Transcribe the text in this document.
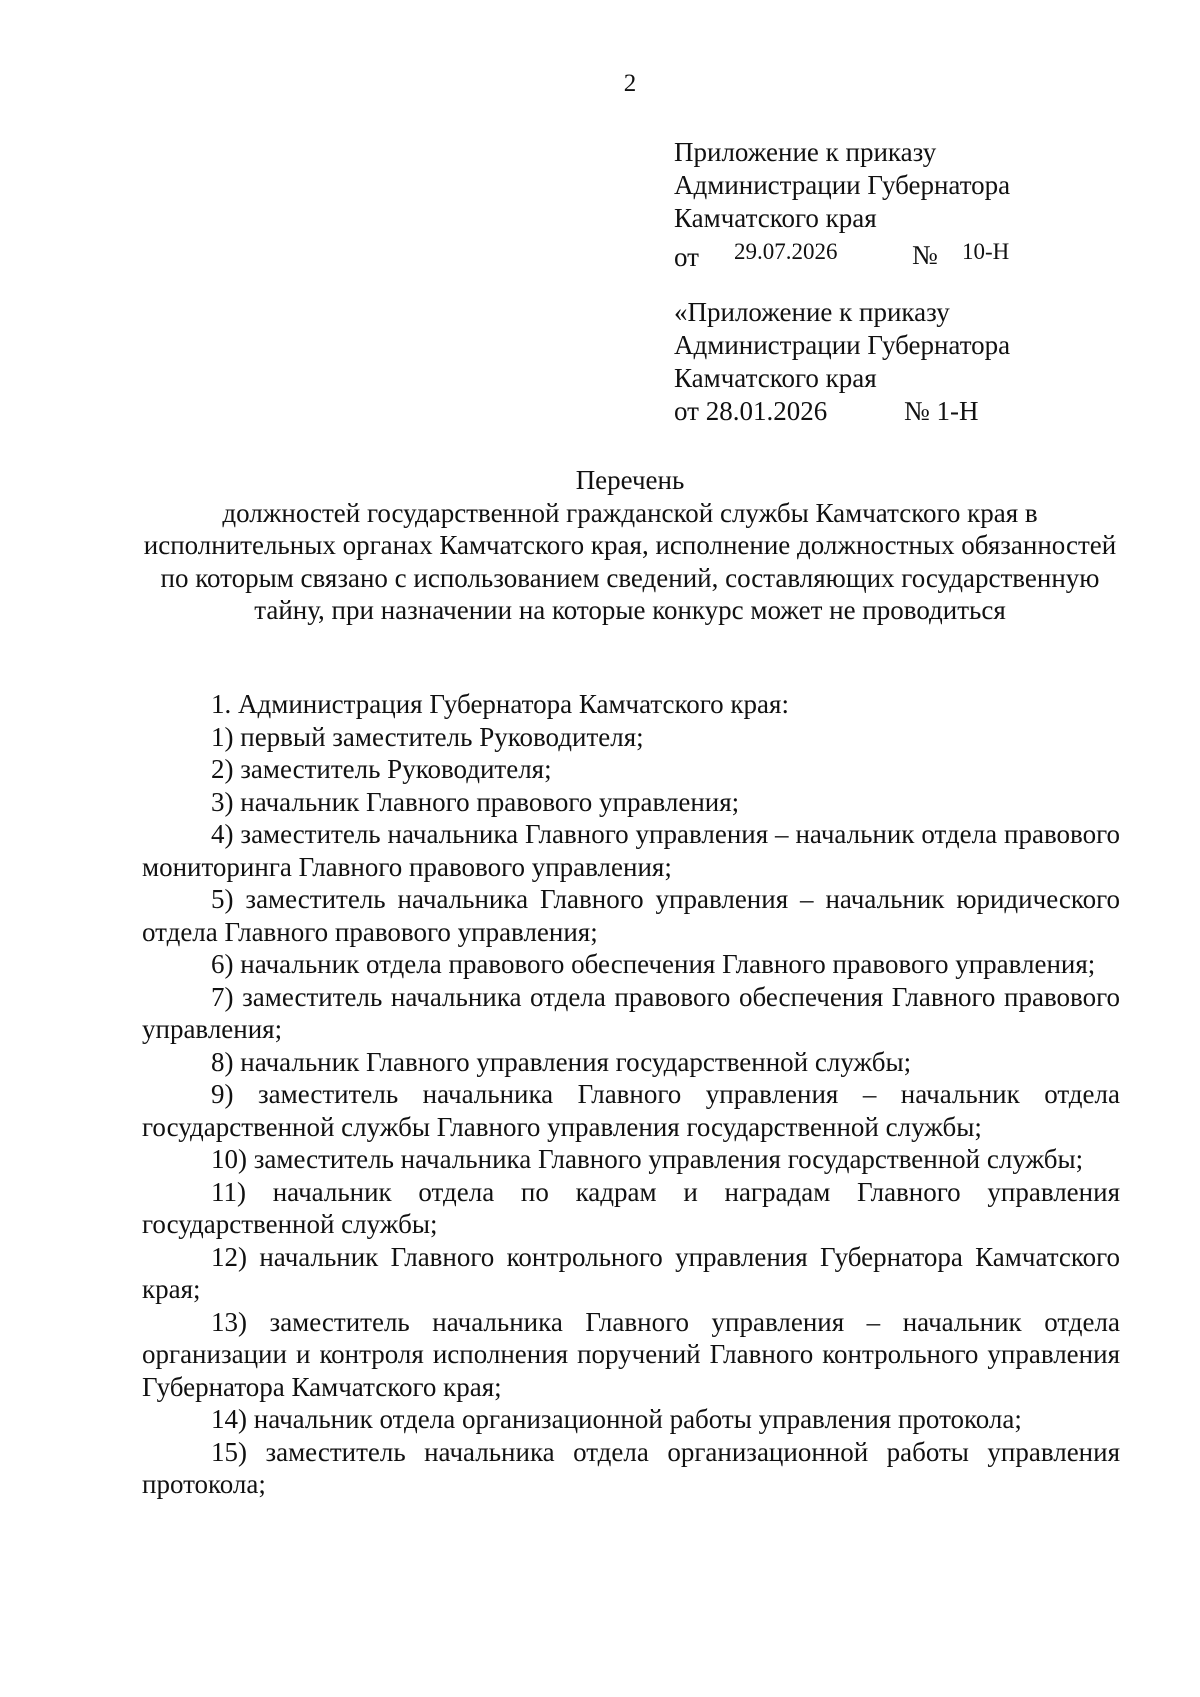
2
Приложение к приказу
Администрации Губернатора
Камчатского края
от 29.07.2026	№ 10-Н
«Приложение к приказу
Администрации Губернатора
Камчатского края
от 28.01.2026	№ 1-Н
Перечень
должностей государственной гражданской службы Камчатского края в исполнительных органах Камчатского края, исполнение должностных обязанностей по которым связано с использованием сведений, составляющих государственную тайну, при назначении на которые конкурс может не проводиться
1. Администрация Губернатора Камчатского края:
1) первый заместитель Руководителя;
2) заместитель Руководителя;
3) начальник Главного правового управления;
4) заместитель начальника Главного управления – начальник отдела правового мониторинга Главного правового управления;
5) заместитель начальника Главного управления – начальник юридического отдела Главного правового управления;
6) начальник отдела правового обеспечения Главного правового управления;
7) заместитель начальника отдела правового обеспечения Главного правового управления;
8) начальник Главного управления государственной службы;
9) заместитель начальника Главного управления – начальник отдела государственной службы Главного управления государственной службы;
10) заместитель начальника Главного управления государственной службы;
11) начальник отдела по кадрам и наградам Главного управления государственной службы;
12) начальник Главного контрольного управления Губернатора Камчатского края;
13) заместитель начальника Главного управления – начальник отдела организации и контроля исполнения поручений Главного контрольного управления Губернатора Камчатского края;
14) начальник отдела организационной работы управления протокола;
15) заместитель начальника отдела организационной работы управления протокола;
